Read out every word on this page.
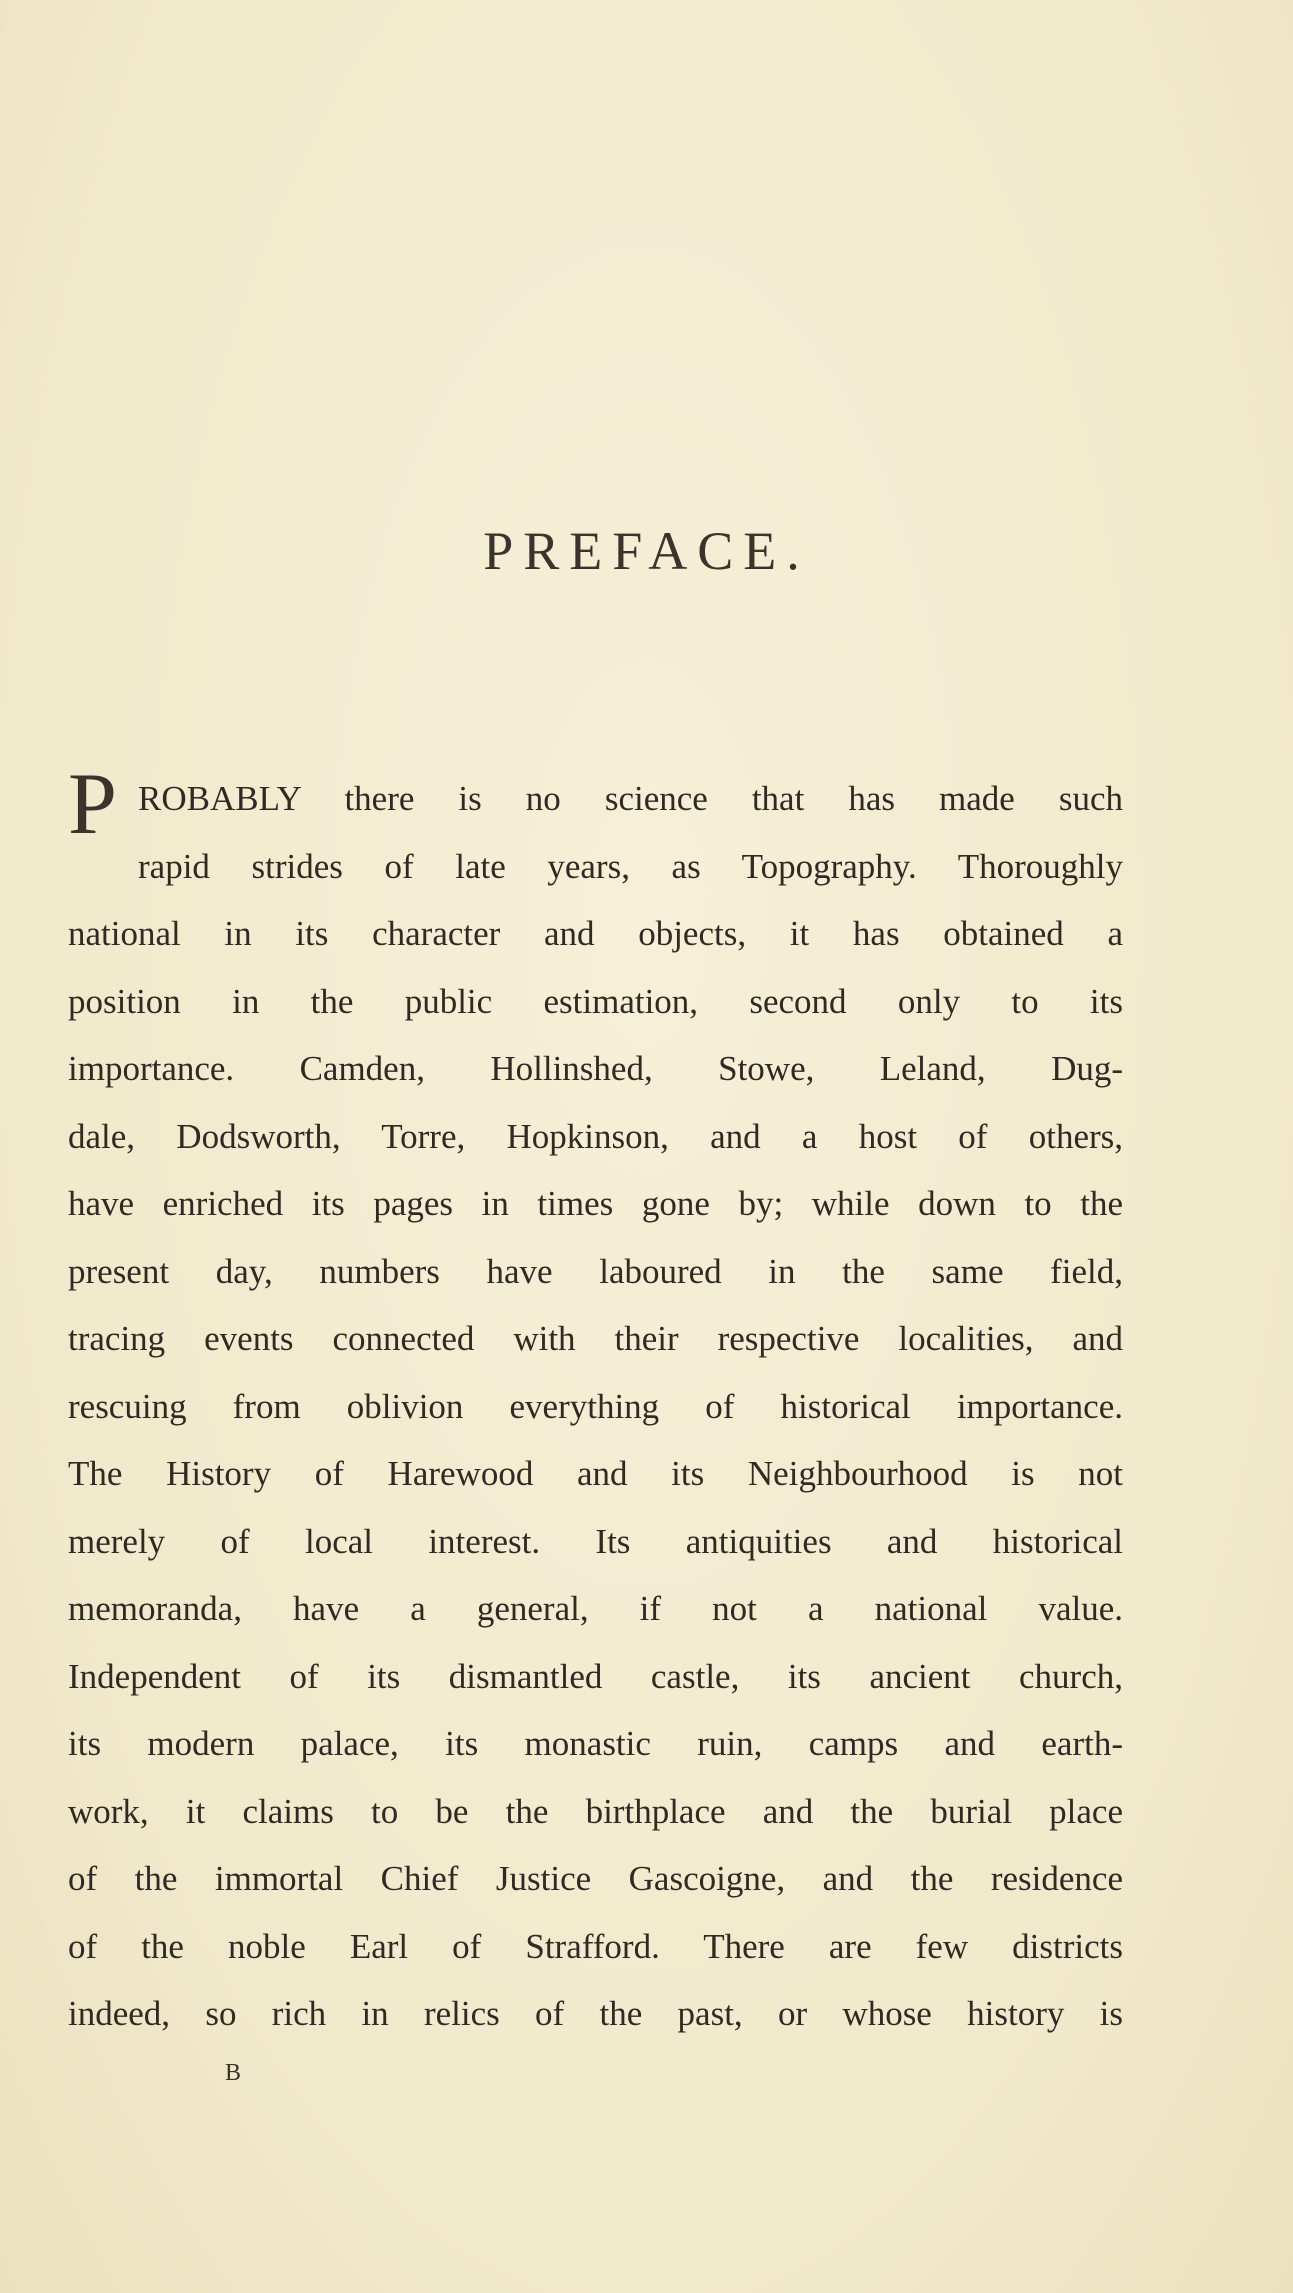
PREFACE.
P ROBABLY there is no science that has made such
rapid strides of late years, as Topography. Thoroughly
national in its character and objects, it has obtained a
position in the public estimation, second only to its
importance. Camden, Hollinshed, Stowe, Leland, Dug-
dale, Dodsworth, Torre, Hopkinson, and a host of others,
have enriched its pages in times gone by; while down to the
present day, numbers have laboured in the same field,
tracing events connected with their respective localities, and
rescuing from oblivion everything of historical importance.
The History of Harewood and its Neighbourhood is not
merely of local interest. Its antiquities and historical
memoranda, have a general, if not a national value.
Independent of its dismantled castle, its ancient church,
its modern palace, its monastic ruin, camps and earth-
work, it claims to be the birthplace and the burial place
of the immortal Chief Justice Gascoigne, and the residence
of the noble Earl of Strafford. There are few districts
indeed, so rich in relics of the past, or whose history is
B
